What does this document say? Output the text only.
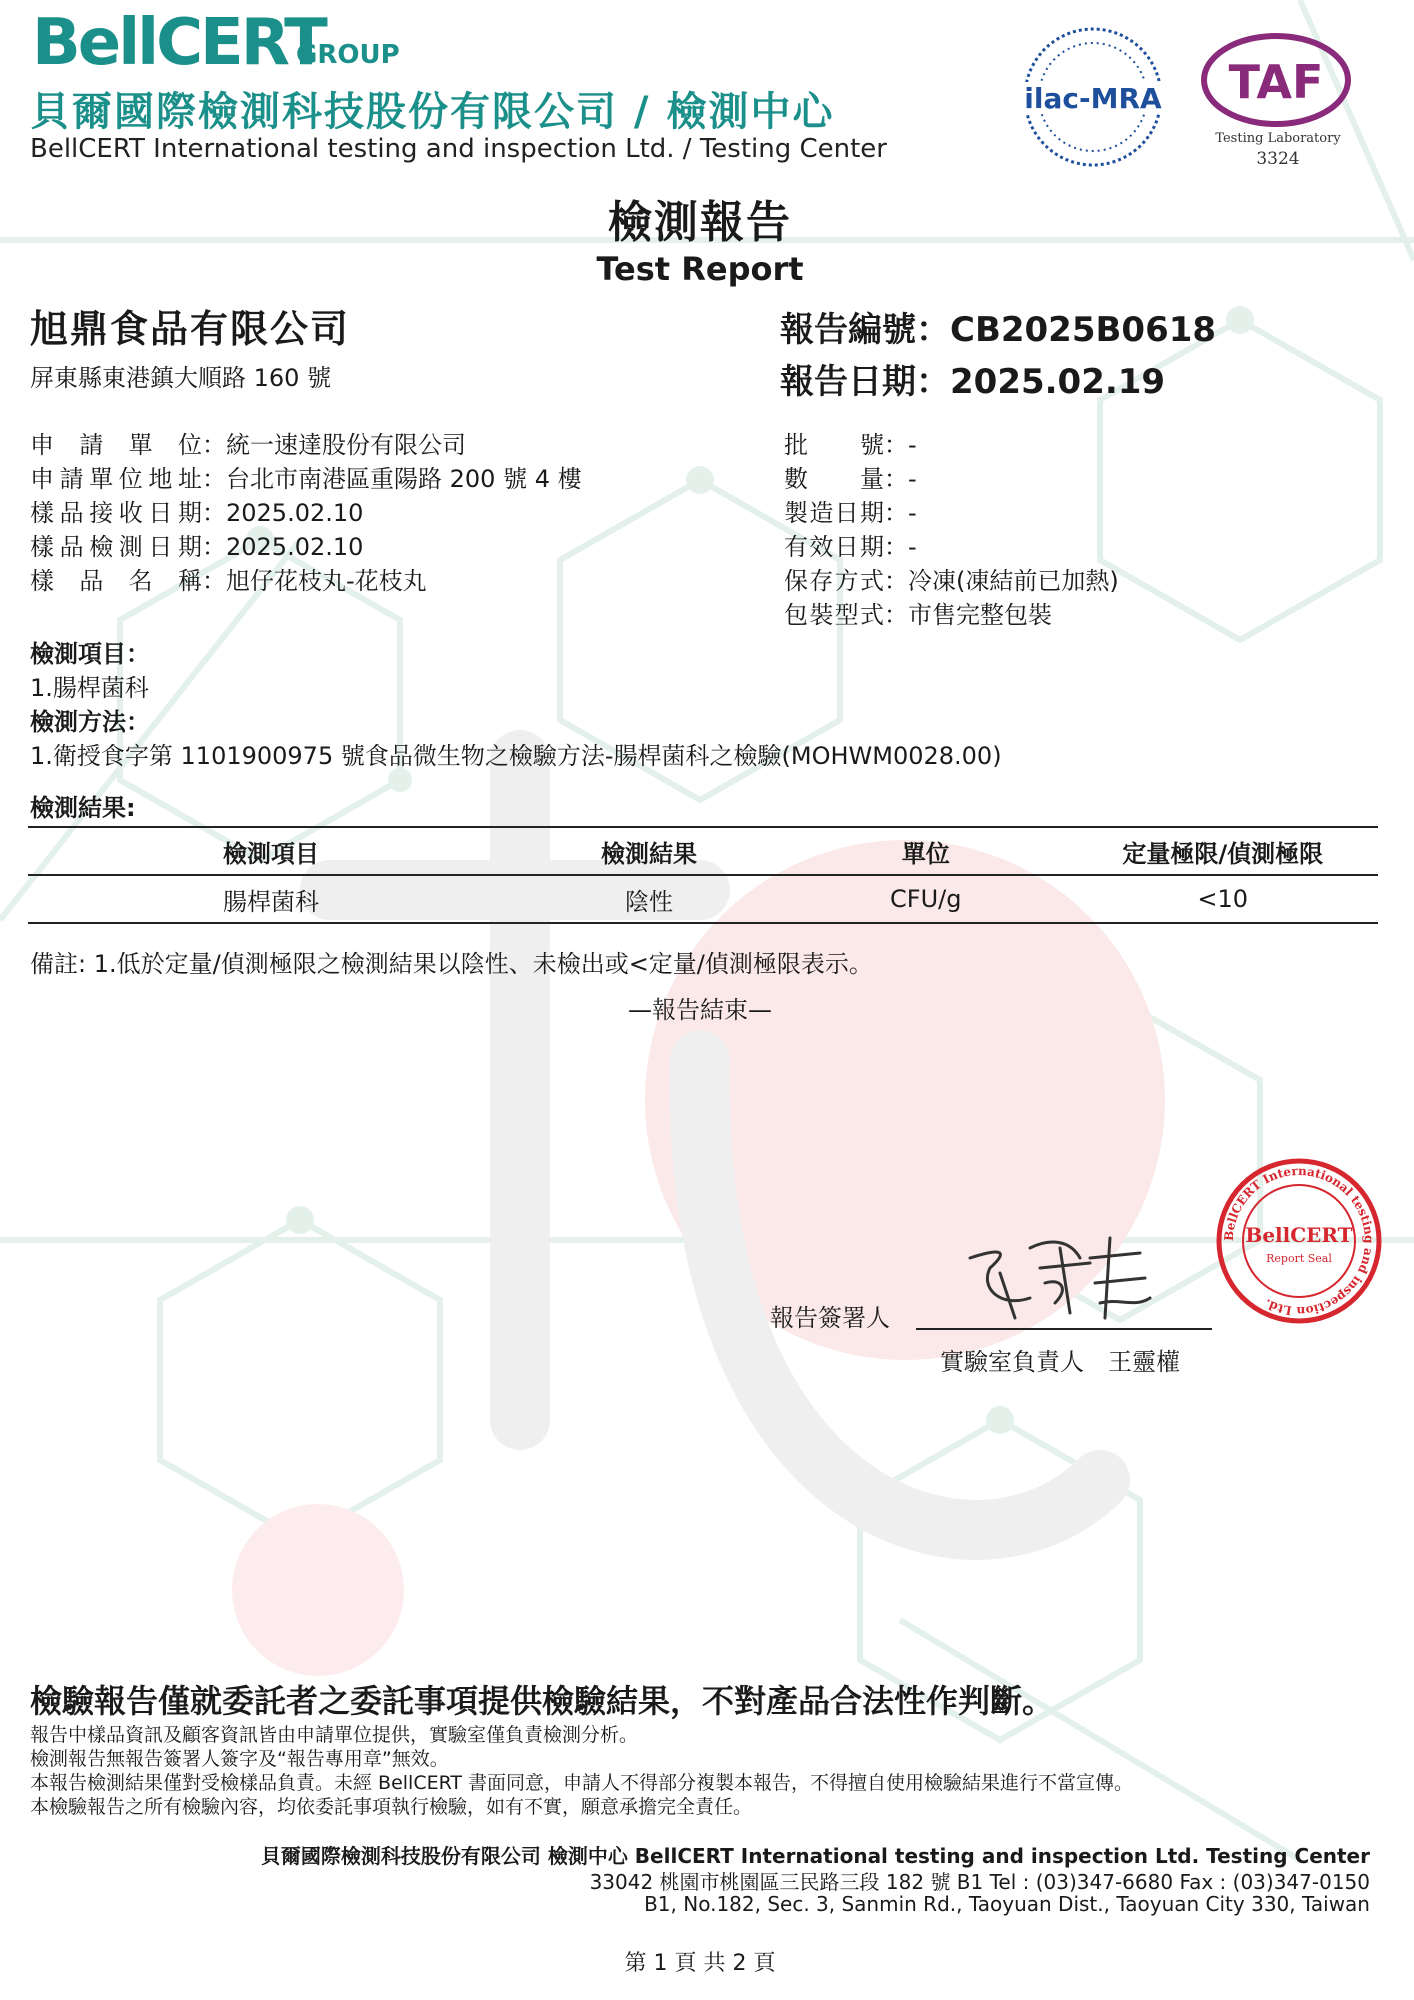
BellCERT
GROUP
貝爾國際檢測科技股份有限公司 / 檢測中心
BellCERT International testing and inspection Ltd. / Testing Center
ilac-MRA TAF
Testing Laboratory
3324
檢測報告
Test Report
旭鼎食品有限公司
屏東縣東港鎮大順路 160 號
報告編號：CB2025B0618
報告日期：2025.02.19
申請單位：統一速達股份有限公司
申請單位地址：台北市南港區重陽路 200 號 4 樓
樣品接收日期：2025.02.10
樣品檢測日期：2025.02.10
樣品名稱：旭仔花枝丸-花枝丸
批號：-
數量：-
製造日期：-
有效日期：-
保存方式：冷凍(凍結前已加熱)
包裝型式：市售完整包裝
檢測項目：
1.腸桿菌科
檢測方法：
1.衛授食字第 1101900975 號食品微生物之檢驗方法-腸桿菌科之檢驗(MOHWM0028.00)
檢測結果:
檢測項目	檢測結果	單位	定量極限/偵測極限
腸桿菌科	陰性	CFU/g	<10
備註: 1.低於定量/偵測極限之檢測結果以陰性、未檢出或<定量/偵測極限表示。
—報告結束—
報告簽署人
實驗室負責人　王靈權
BellCERT International testing and inspection Ltd.
BellCERT
Report Seal
檢驗報告僅就委託者之委託事項提供檢驗結果，不對產品合法性作判斷。
報告中樣品資訊及顧客資訊皆由申請單位提供，實驗室僅負責檢測分析。
檢測報告無報告簽署人簽字及“報告專用章”無效。
本報告檢測結果僅對受檢樣品負責。未經 BellCERT 書面同意，申請人不得部分複製本報告，不得擅自使用檢驗結果進行不當宣傳。
本檢驗報告之所有檢驗內容，均依委託事項執行檢驗，如有不實，願意承擔完全責任。
貝爾國際檢測科技股份有限公司 檢測中心 BellCERT International testing and inspection Ltd. Testing Center
33042 桃園市桃園區三民路三段 182 號 B1 Tel : (03)347-6680 Fax : (03)347-0150
B1, No.182, Sec. 3, Sanmin Rd., Taoyuan Dist., Taoyuan City 330, Taiwan
第 1 頁 共 2 頁
